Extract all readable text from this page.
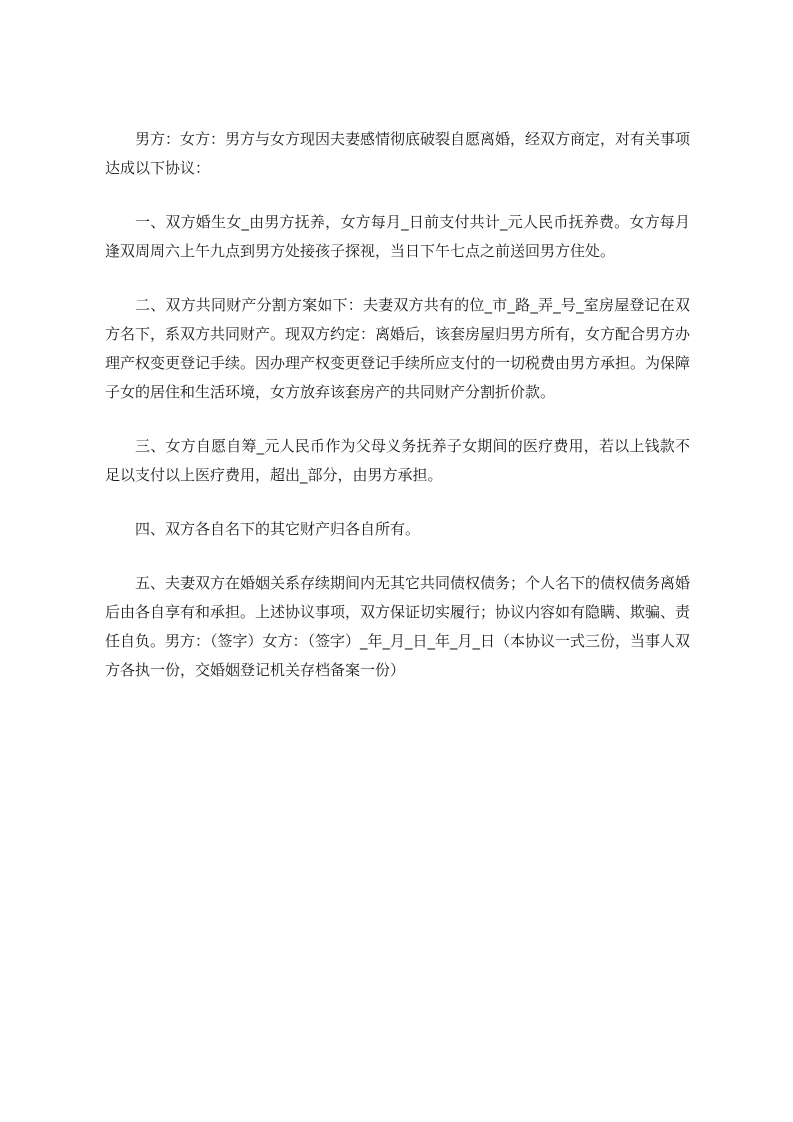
男方：女方：男方与女方现因夫妻感情彻底破裂自愿离婚，经双方商定，对有关事项达成以下协议：

一、双方婚生女_由男方抚养，女方每月_日前支付共计_元人民币抚养费。女方每月逢双周周六上午九点到男方处接孩子探视，当日下午七点之前送回男方住处。

二、双方共同财产分割方案如下：夫妻双方共有的位_市_路_弄_号_室房屋登记在双方名下，系双方共同财产。现双方约定：离婚后，该套房屋归男方所有，女方配合男方办理产权变更登记手续。因办理产权变更登记手续所应支付的一切税费由男方承担。为保障子女的居住和生活环境，女方放弃该套房产的共同财产分割折价款。

三、女方自愿自筹_元人民币作为父母义务抚养子女期间的医疗费用，若以上钱款不足以支付以上医疗费用，超出_部分，由男方承担。

四、双方各自名下的其它财产归各自所有。

五、夫妻双方在婚姻关系存续期间内无其它共同债权债务；个人名下的债权债务离婚后由各自享有和承担。上述协议事项，双方保证切实履行；协议内容如有隐瞒、欺骗、责任自负。男方：（签字）女方：（签字）_年_月_日_年_月_日（本协议一式三份，当事人双方各执一份，交婚姻登记机关存档备案一份）
